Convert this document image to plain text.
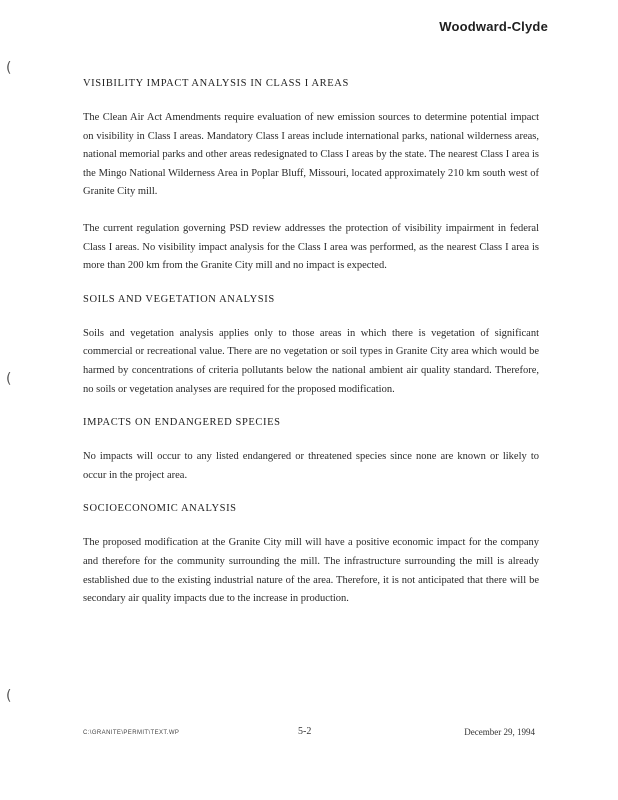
Woodward-Clyde
(
(
(
VISIBILITY IMPACT ANALYSIS IN CLASS I AREAS

The Clean Air Act Amendments require evaluation of new emission sources to determine potential impact on visibility in Class I areas. Mandatory Class I areas include international parks, national wilderness areas, national memorial parks and other areas redesignated to Class I areas by the state. The nearest Class I area is the Mingo National Wilderness Area in Poplar Bluff, Missouri, located approximately 210 km south west of Granite City mill.

The current regulation governing PSD review addresses the protection of visibility impairment in federal Class I areas. No visibility impact analysis for the Class I area was performed, as the nearest Class I area is more than 200 km from the Granite City mill and no impact is expected.

SOILS AND VEGETATION ANALYSIS

Soils and vegetation analysis applies only to those areas in which there is vegetation of significant commercial or recreational value. There are no vegetation or soil types in Granite City area which would be harmed by concentrations of criteria pollutants below the national ambient air quality standard. Therefore, no soils or vegetation analyses are required for the proposed modification.

IMPACTS ON ENDANGERED SPECIES

No impacts will occur to any listed endangered or threatened species since none are known or likely to occur in the project area.

SOCIOECONOMIC ANALYSIS

The proposed modification at the Granite City mill will have a positive economic impact for the company and therefore for the community surrounding the mill. The infrastructure surrounding the mill is already established due to the existing industrial nature of the area. Therefore, it is not anticipated that there will be secondary air quality impacts due to the increase in production.

C:\GRANITE\PERMIT\TEXT.WP	5-2	December 29, 1994
